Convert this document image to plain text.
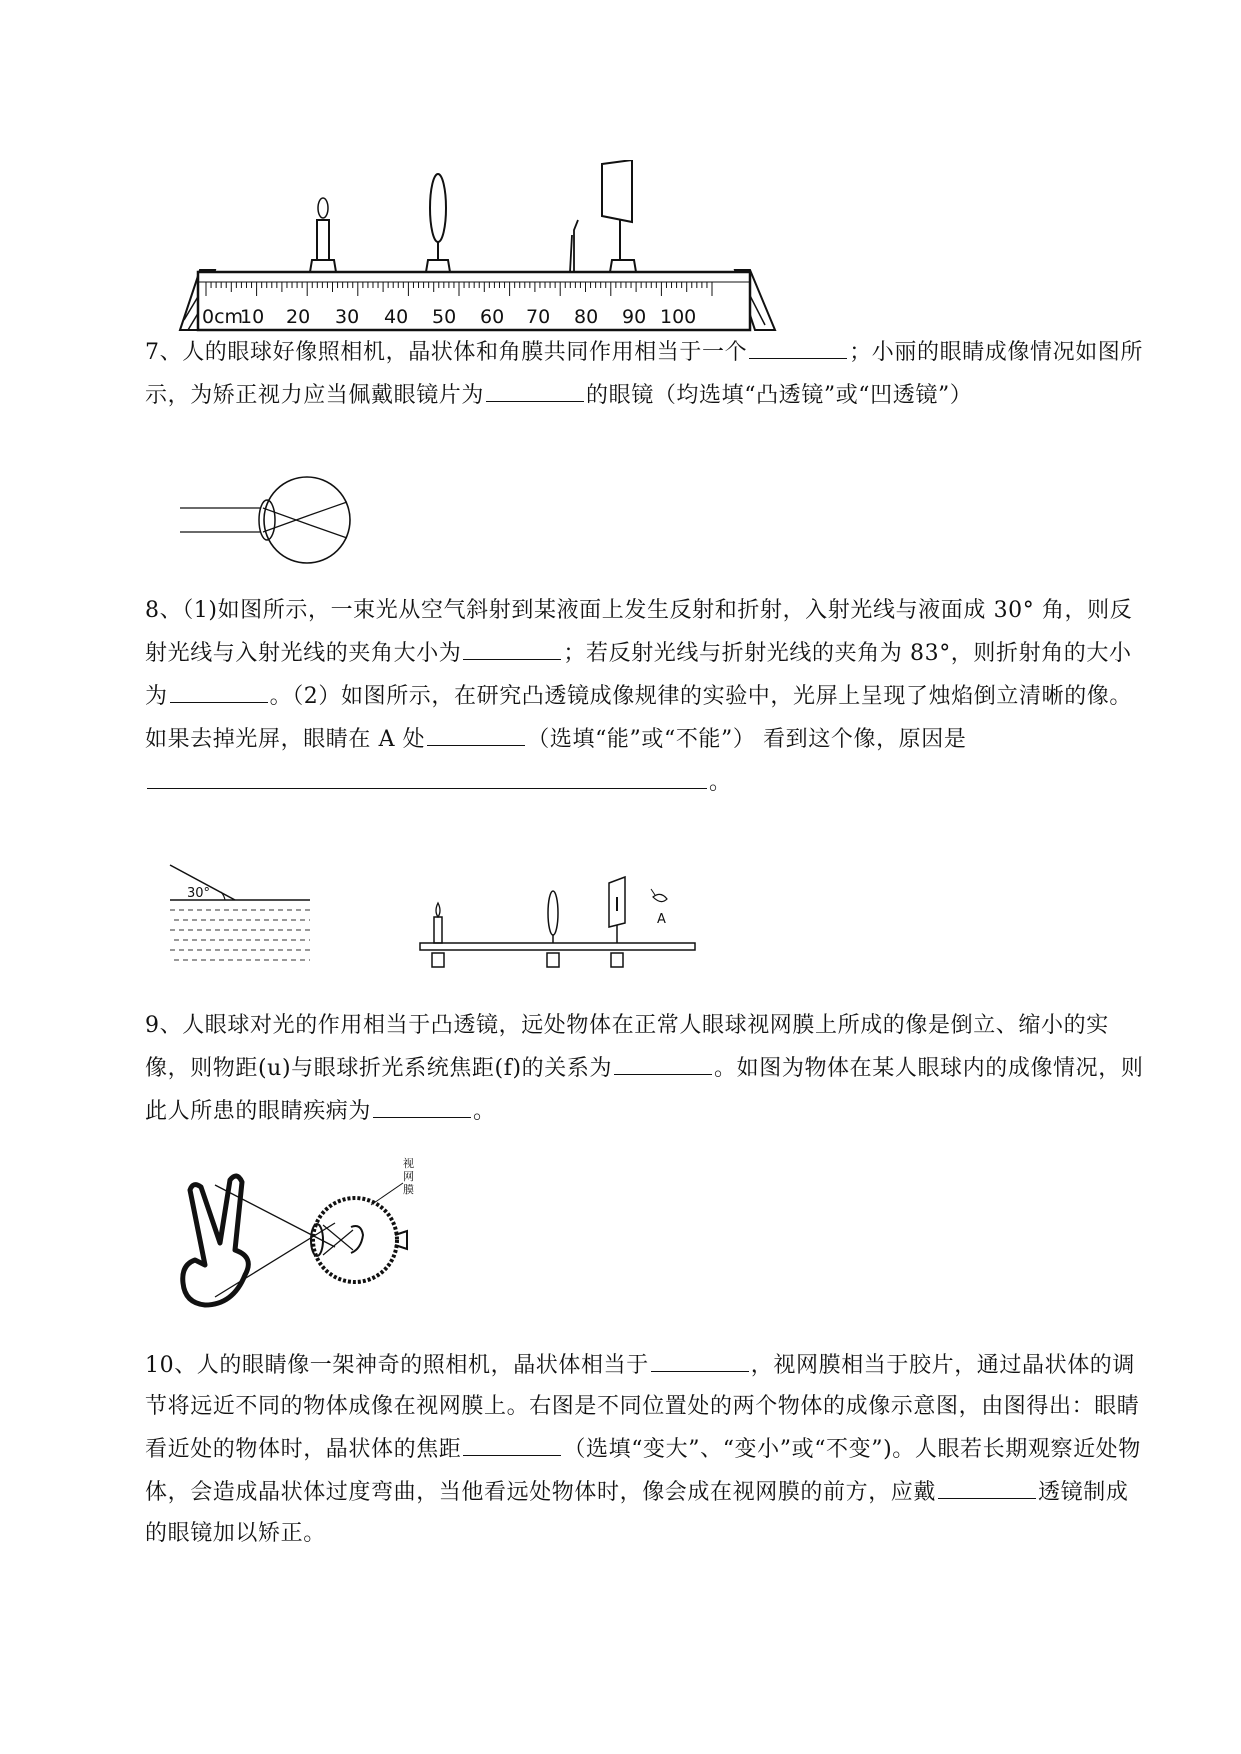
0cm
10 20 30 40 50 60 70 80 90 100
7、人的眼球好像照相机，晶状体和角膜共同作用相当于一个	；小丽的眼睛成像情况如图所示，为矫正视力应当佩戴眼镜片为	的眼镜（均选填“凸透镜”或“凹透镜”）
8、（1)如图所示，一束光从空气斜射到某液面上发生反射和折射，入射光线与液面成 30° 角，则反射光线与入射光线的夹角大小为	；若反射光线与折射光线的夹角为 83°，则折射角的大小为	。（2）如图所示，在研究凸透镜成像规律的实验中，光屏上呈现了烛焰倒立清晰的像。如果去掉光屏，眼睛在 A 处	（选填“能”或“不能”） 看到这个像，原因是。
30°
A
9、人眼球对光的作用相当于凸透镜，远处物体在正常人眼球视网膜上所成的像是倒立、缩小的实像，则物距(u)与眼球折光系统焦距(f)的关系为	。如图为物体在某人眼球内的成像情况，则此人所患的眼睛疾病为	。
视网膜
10、人的眼睛像一架神奇的照相机，晶状体相当于	，视网膜相当于胶片，通过晶状体的调节将远近不同的物体成像在视网膜上。右图是不同位置处的两个物体的成像示意图，由图得出：眼睛看近处的物体时，晶状体的焦距	（选填“变大”、“变小”或“不变”)。人眼若长期观察近处物体，会造成晶状体过度弯曲，当他看远处物体时，像会成在视网膜的前方，应戴	透镜制成的眼镜加以矫正。
